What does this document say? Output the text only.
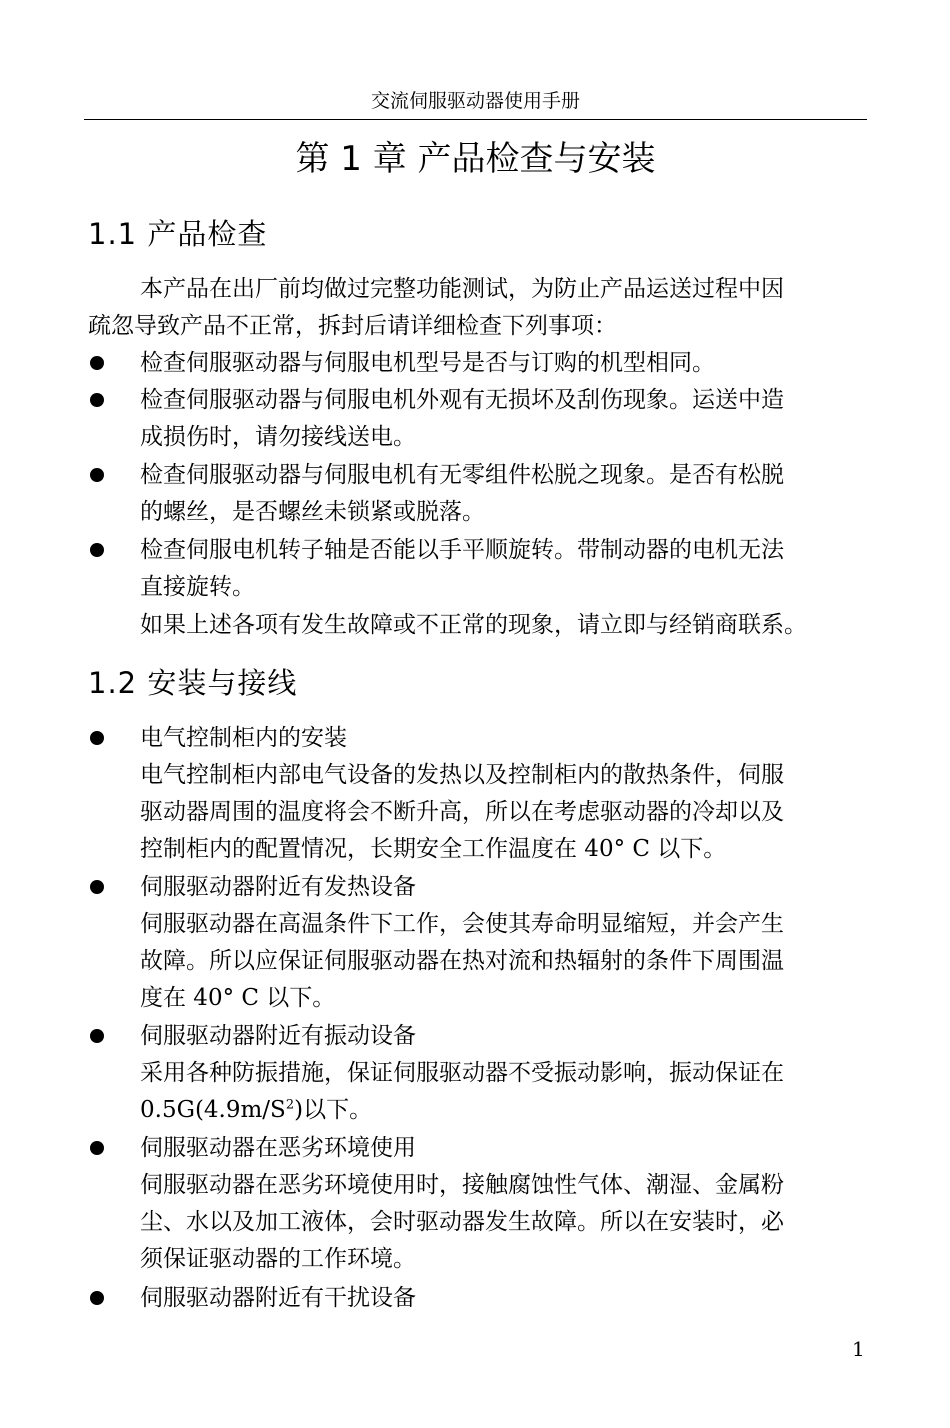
交流伺服驱动器使用手册
第 1 章 产品检查与安装
1.1 产品检查
本产品在出厂前均做过完整功能测试，为防止产品运送过程中因
疏忽导致产品不正常，拆封后请详细检查下列事项：
检查伺服驱动器与伺服电机型号是否与订购的机型相同。
检查伺服驱动器与伺服电机外观有无损坏及刮伤现象。运送中造
成损伤时，请勿接线送电。
检查伺服驱动器与伺服电机有无零组件松脱之现象。是否有松脱
的螺丝，是否螺丝未锁紧或脱落。
检查伺服电机转子轴是否能以手平顺旋转。带制动器的电机无法
直接旋转。
如果上述各项有发生故障或不正常的现象，请立即与经销商联系。
1.2 安装与接线
电气控制柜内的安装
电气控制柜内部电气设备的发热以及控制柜内的散热条件，伺服
驱动器周围的温度将会不断升高，所以在考虑驱动器的冷却以及
控制柜内的配置情况，长期安全工作温度在 40° C 以下。
伺服驱动器附近有发热设备
伺服驱动器在高温条件下工作，会使其寿命明显缩短，并会产生
故障。所以应保证伺服驱动器在热对流和热辐射的条件下周围温
度在 40° C 以下。
伺服驱动器附近有振动设备
采用各种防振措施，保证伺服驱动器不受振动影响，振动保证在
$0.5G(4.9m/S^2)$以下。
伺服驱动器在恶劣环境使用
伺服驱动器在恶劣环境使用时，接触腐蚀性气体、潮湿、金属粉
尘、水以及加工液体，会时驱动器发生故障。所以在安装时，必
须保证驱动器的工作环境。
伺服驱动器附近有干扰设备
1
